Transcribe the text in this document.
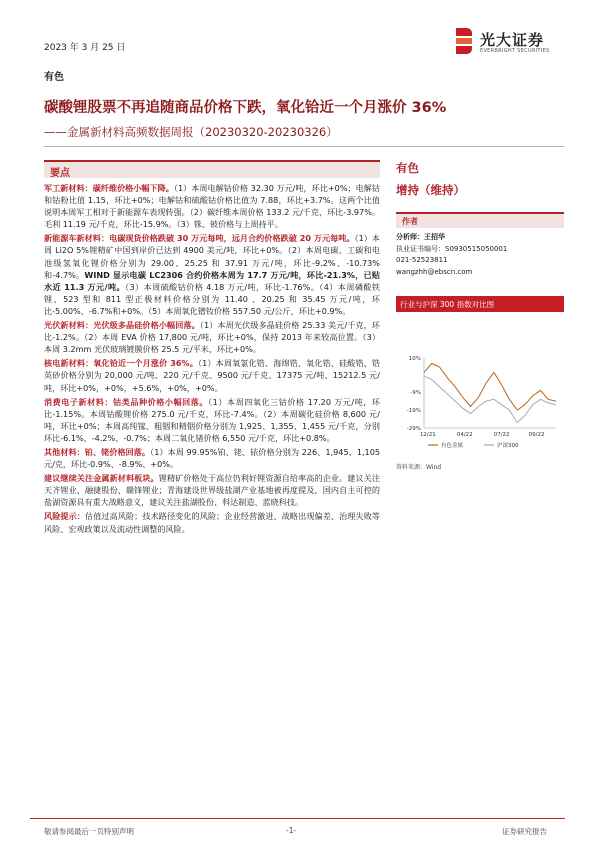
2023 年 3 月 25 日	光大证券
EVERBRIGHT SECURITIES
有色
碳酸锂股票不再追随商品价格下跌，氧化铪近一个月涨价 36%
——金属新材料高频数据周报（20230320-20230326）
要点

军工新材料：碳纤维价格小幅下降。（1）本周电解钴价格 32.30 万元/吨，环比+0%；电解钴和钴粉比值 1.15，环比+0%；电解钴和硫酸钴价格比值为 7.88，环比+3.7%。这两个比值说明本周军工相对于新能源车表现转强。（2）碳纤维本周价格 133.2 元/千克，环比-3.97%。毛利 11.19 元/千克，环比-15.9%。（3）铢、铍价格与上周持平。

新能源车新材料：电碳现货价格跌破 30 万元每吨，远月合约价格跌破 20 万元每吨。（1）本周 Li2O 5%锂精矿中国到岸价已达到 4900 美元/吨，环比+0%。（2）本周电碳、工碳和电池级氢氧化锂价格分别为 29.00、25.25 和 37.91 万元/吨，环比-9.2%、-10.73%和-4.7%。WIND 显示电碳 LC2306 合约价格本周为 17.7 万元/吨，环比-21.3%，已贴水近 11.3 万元/吨。（3）本周硫酸钴价格 4.18 万元/吨，环比-1.76%。（4）本周磷酸铁锂、523 型和 811 型正极材料价格分别为 11.40 、20.25 和 35.45 万元/吨，环比-5.00%、-6.7%和+0%。（5）本周氧化镨钕价格 557.50 元/公斤，环比+0.9%。

光伏新材料：光伏级多晶硅价格小幅回落。（1）本周光伏级多晶硅价格 25.33 美元/千克，环比-1.2%。（2）本周 EVA 价格 17,800 元/吨，环比+0%，保持 2013 年来较高位置。（3）本周 3.2mm 光伏玻璃镀膜价格 25.5 元/平米，环比+0%。

核电新材料：氧化铪近一个月涨价 36%。（1）本周氧氯化锆、海绵锆、氧化锆、硅酸锆、锆英砂价格分别为 20,000 元/吨、220 元/千克、9500 元/千克、17375 元/吨、15212.5 元/吨，环比+0%，+0%，+5.6%，+0%，+0%。

消费电子新材料：钴类品种价格小幅回落。（1）本周四氧化三钴价格 17.20 万元/吨，环比-1.15%。本周钴酸锂价格 275.0 元/千克，环比-7.4%。（2）本周碳化硅价格 8,600 元/吨，环比+0%；本周高纯镓、粗铟和精铟价格分别为 1,925、1,355、1,455 元/千克，分别环比-6.1%、-4.2%、-0.7%；本周二氧化锗价格 6,550 元/千克，环比+0.8%。

其他材料：铂、铑价格回落。（1）本周 99.95%铂、铑、铱价格分别为 226、1,945、1,105 元/克，环比-0.9%、-8.9%、+0%。

建议继续关注金属新材料板块。锂精矿价格处于高位仍利好锂资源自给率高的企业。建议关注天齐锂业、融捷股份、赣锋锂业；青海建设世界级盐湖产业基地被再度提及，国内自主可控的盐湖资源具有重大战略意义，建议关注盐湖股份、科达制造、蓝晓科技。

风险提示：估值过高风险；技术路径变化的风险；企业经营激进、战略出现偏差、治理失败等风险、宏观政策以及流动性调整的风险。

有色
增持（维持）
作者
分析师：王招华
执业证书编号：S0930515050001
021-52523811
wangzhh@ebscn.com
行业与沪深 300 指数对比图
10%
-9%
-19%
-29%
12/21	04/22	07/22	09/22
有色金属	沪深300
资料来源：Wind
敬请参阅最后一页特别声明	-1-	证券研究报告
